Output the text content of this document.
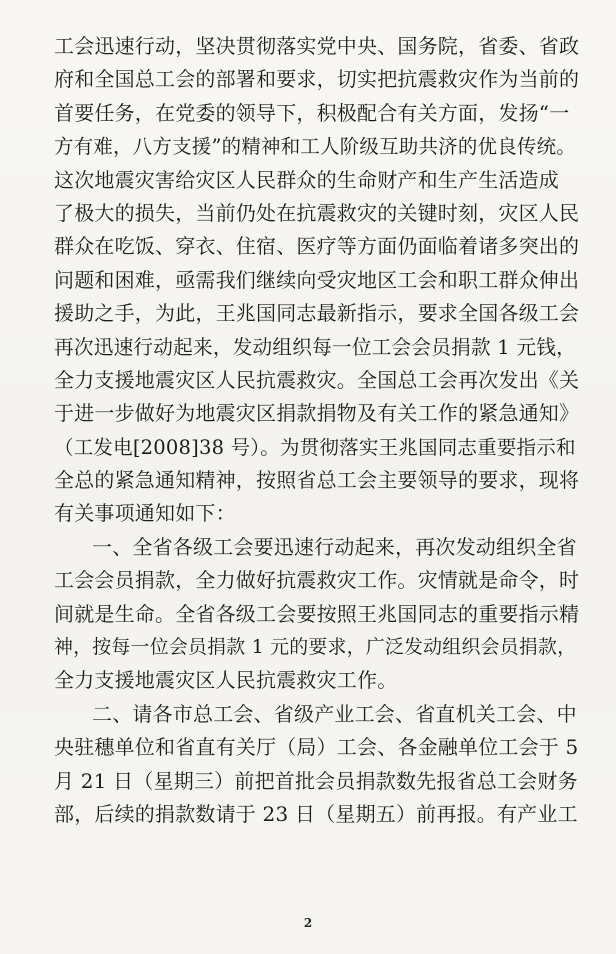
工会迅速行动，坚决贯彻落实党中央、国务院，省委、省政
府和全国总工会的部署和要求，切实把抗震救灾作为当前的
首要任务，在党委的领导下，积极配合有关方面，发扬“一
方有难，八方支援”的精神和工人阶级互助共济的优良传统。
这次地震灾害给灾区人民群众的生命财产和生产生活造成
了极大的损失，当前仍处在抗震救灾的关键时刻，灾区人民
群众在吃饭、穿衣、住宿、医疗等方面仍面临着诸多突出的
问题和困难，亟需我们继续向受灾地区工会和职工群众伸出
援助之手，为此，王兆国同志最新指示，要求全国各级工会
再次迅速行动起来，发动组织每一位工会会员捐款 1 元钱，
全力支援地震灾区人民抗震救灾。全国总工会再次发出《关
于进一步做好为地震灾区捐款捐物及有关工作的紧急通知》
（工发电[2008]38 号）。为贯彻落实王兆国同志重要指示和
全总的紧急通知精神，按照省总工会主要领导的要求，现将
有关事项通知如下：
一、全省各级工会要迅速行动起来，再次发动组织全省
工会会员捐款，全力做好抗震救灾工作。灾情就是命令，时
间就是生命。全省各级工会要按照王兆国同志的重要指示精
神，按每一位会员捐款 1 元的要求，广泛发动组织会员捐款，
全力支援地震灾区人民抗震救灾工作。
二、请各市总工会、省级产业工会、省直机关工会、中
央驻穗单位和省直有关厅（局）工会、各金融单位工会于 5
月 21 日（星期三）前把首批会员捐款数先报省总工会财务
部，后续的捐款数请于 23 日（星期五）前再报。有产业工
2
